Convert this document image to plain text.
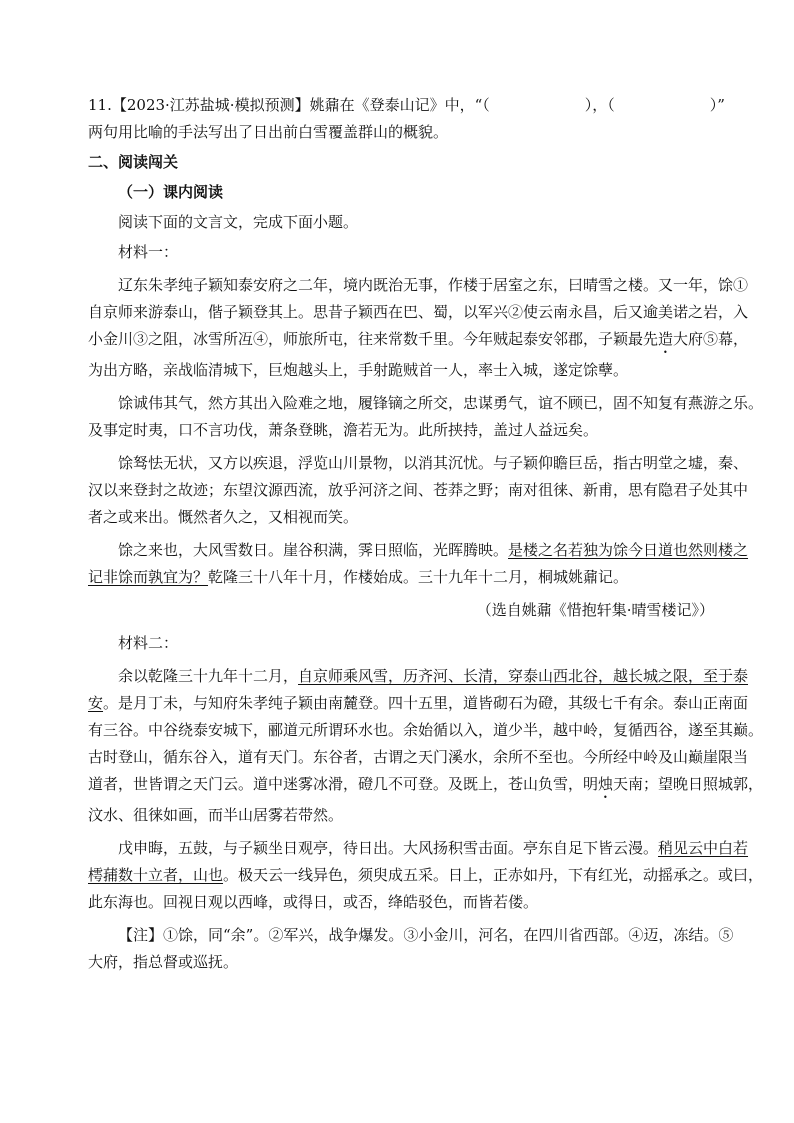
11.【2023·江苏盐城·模拟预测】姚鼐在《登泰山记》中，“（	），（	）”

两句用比喻的手法写出了日出前白雪覆盖群山的概貌。

二、阅读闯关

（一）课内阅读

阅读下面的文言文，完成下面小题。

材料一：

辽东朱孝纯子颖知泰安府之二年，境内既治无事，作楼于居室之东，曰晴雪之楼。又一年，馀①

自京师来游泰山，偕子颖登其上。思昔子颖西在巴、蜀，以军兴②使云南永昌，后又逾美诺之岩，入

小金川③之阻，冰雪所冱④，师旅所屯，往来常数千里。今年贼起泰安邻郡，子颖最先造大府⑤幕，

为出方略，亲战临清城下，巨炮越头上，手射跪贼首一人，率士入城，遂定馀孽。

馀诚伟其气，然方其出入险难之地，履锋镝之所交，忠谋勇气，谊不顾已，固不知复有燕游之乐。

及事定时夷，口不言功伐，萧条登眺，澹若无为。此所挟持，盖过人益远矣。

馀驽怯无状，又方以疾退，浮览山川景物，以消其沉忧。与子颖仰瞻巨岳，指古明堂之墟，秦、

汉以来登封之故迹；东望汶源西流，放乎河济之间、苍莽之野；南对徂徕、新甫，思有隐君子处其中

者之或来出。慨然者久之，又相视而笑。

馀之来也，大风雪数日。崖谷积满，霁日照临，光晖腾映。是楼之名若独为馀今日道也然则楼之

记非馀而孰宜为？乾隆三十八年十月，作楼始成。三十九年十二月，桐城姚鼐记。

（选自姚鼐《惜抱轩集·晴雪楼记》）

材料二：

余以乾隆三十九年十二月，自京师乘风雪，历齐河、长清，穿泰山西北谷，越长城之限，至于泰

安。是月丁未，与知府朱孝纯子颖由南麓登。四十五里，道皆砌石为磴，其级七千有余。泰山正南面

有三谷。中谷绕泰安城下，郦道元所谓环水也。余始循以入，道少半，越中岭，复循西谷，遂至其巅。

古时登山，循东谷入，道有天门。东谷者，古谓之天门溪水，余所不至也。今所经中岭及山巅崖限当

道者，世皆谓之天门云。道中迷雾冰滑，磴几不可登。及既上，苍山负雪，明烛天南；望晚日照城郭，

汶水、徂徕如画，而半山居雾若带然。

戊申晦，五鼓，与子颍坐日观亭，待日出。大风扬积雪击面。亭东自足下皆云漫。稍见云中白若

樗蒱数十立者，山也。极天云一线异色，须臾成五采。日上，正赤如丹，下有红光，动摇承之。或曰，

此东海也。回视日观以西峰，或得日，或否，绛皓驳色，而皆若偻。

【注】①馀，同“余”。②军兴，战争爆发。③小金川，河名，在四川省西部。④迈，冻结。⑤

大府，指总督或巡抚。
